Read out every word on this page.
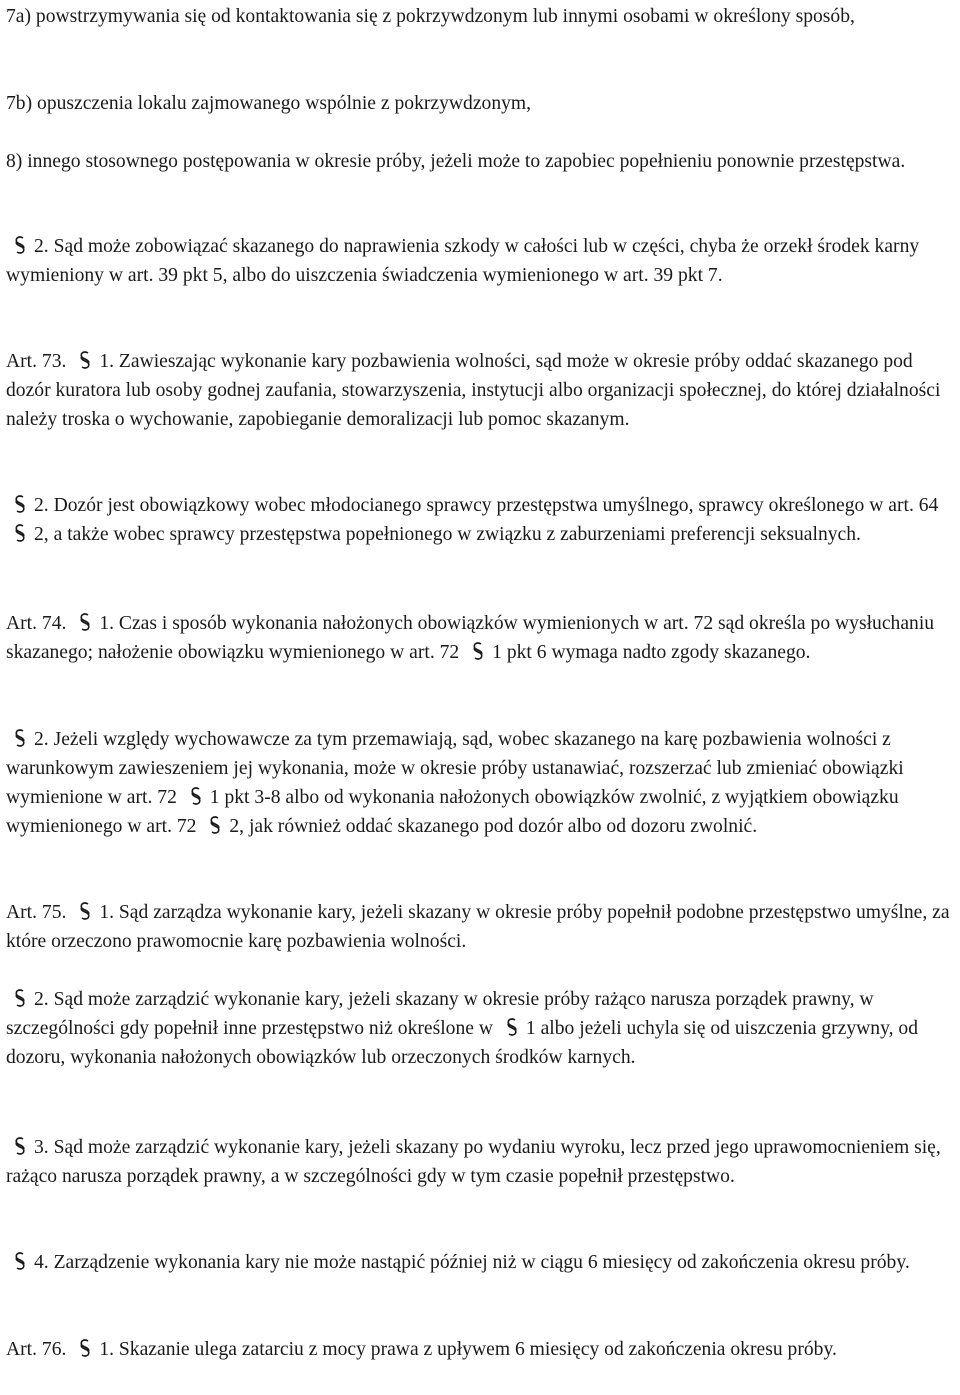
7a) powstrzymywania się od kontaktowania się z pokrzywdzonym lub innymi osobami w określony sposób,

7b) opuszczenia lokalu zajmowanego wspólnie z pokrzywdzonym,

8) innego stosownego postępowania w okresie próby, jeżeli może to zapobiec popełnieniu ponownie przestępstwa.

2. Sąd może zobowiązać skazanego do naprawienia szkody w całości lub w części, chyba że orzekł środek karny wymieniony w art. 39 pkt 5, albo do uiszczenia świadczenia wymienionego w art. 39 pkt 7.

Art. 73.
1. Zawieszając wykonanie kary pozbawienia wolności, sąd może w okresie próby oddać skazanego pod dozór kuratora lub osoby godnej zaufania, stowarzyszenia, instytucji albo organizacji społecznej, do której działalności należy troska o wychowanie, zapobieganie demoralizacji lub pomoc skazanym.

2. Dozór jest obowiązkowy wobec młodocianego sprawcy przestępstwa umyślnego, sprawcy określonego w art. 64
2, a także wobec sprawcy przestępstwa popełnionego w związku z zaburzeniami preferencji seksualnych.

Art. 74.
1. Czas i sposób wykonania nałożonych obowiązków wymienionych w art. 72 sąd określa po wysłuchaniu skazanego; nałożenie obowiązku wymienionego w art. 72
1 pkt 6 wymaga nadto zgody skazanego.

2. Jeżeli względy wychowawcze za tym przemawiają, sąd, wobec skazanego na karę pozbawienia wolności z warunkowym zawieszeniem jej wykonania, może w okresie próby ustanawiać, rozszerzać lub zmieniać obowiązki wymienione w art. 72
1 pkt 3-8 albo od wykonania nałożonych obowiązków zwolnić, z wyjątkiem obowiązku wymienionego w art. 72
2, jak również oddać skazanego pod dozór albo od dozoru zwolnić.

Art. 75.
1. Sąd zarządza wykonanie kary, jeżeli skazany w okresie próby popełnił podobne przestępstwo umyślne, za które orzeczono prawomocnie karę pozbawienia wolności.

2. Sąd może zarządzić wykonanie kary, jeżeli skazany w okresie próby rażąco narusza porządek prawny, w szczególności gdy popełnił inne przestępstwo niż określone w
1 albo jeżeli uchyla się od uiszczenia grzywny, od dozoru, wykonania nałożonych obowiązków lub orzeczonych środków karnych.

3. Sąd może zarządzić wykonanie kary, jeżeli skazany po wydaniu wyroku, lecz przed jego uprawomocnieniem się, rażąco narusza porządek prawny, a w szczególności gdy w tym czasie popełnił przestępstwo.

4. Zarządzenie wykonania kary nie może nastąpić później niż w ciągu 6 miesięcy od zakończenia okresu próby.

Art. 76.
1. Skazanie ulega zatarciu z mocy prawa z upływem 6 miesięcy od zakończenia okresu próby.
